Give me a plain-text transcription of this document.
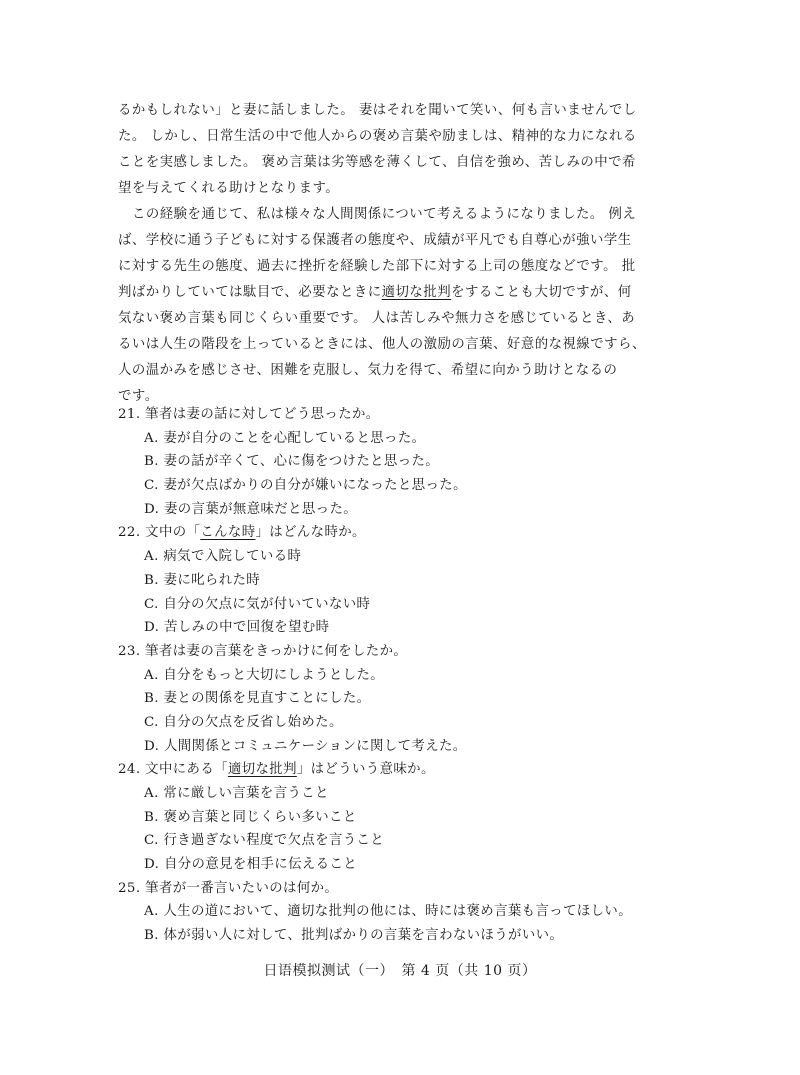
るかもしれない」と妻に話しました。 妻はそれを聞いて笑い、何も言いませんでし
た。 しかし、日常生活の中で他人からの褒め言葉や励ましは、精神的な力になれる
ことを実感しました。 褒め言葉は劣等感を薄くして、自信を強め、苦しみの中で希
望を与えてくれる助けとなります。
この経験を通じて、私は様々な人間関係について考えるようになりました。 例え
ば、学校に通う子どもに対する保護者の態度や、成績が平凡でも自尊心が強い学生
に対する先生の態度、過去に挫折を経験した部下に対する上司の態度などです。 批
判ばかりしていては駄目で、必要なときに適切な批判をすることも大切ですが、何
気ない褒め言葉も同じくらい重要です。 人は苦しみや無力さを感じているとき、あ
るいは人生の階段を上っているときには、他人の激励の言葉、好意的な視線ですら、
人の温かみを感じさせ、困難を克服し、気力を得て、希望に向かう助けとなるの
です。
21. 筆者は妻の話に対してどう思ったか。
A. 妻が自分のことを心配していると思った。
B. 妻の話が辛くて、心に傷をつけたと思った。
C. 妻が欠点ばかりの自分が嫌いになったと思った。
D. 妻の言葉が無意味だと思った。
22. 文中の「こんな時」はどんな時か。
A. 病気で入院している時
B. 妻に叱られた時
C. 自分の欠点に気が付いていない時
D. 苦しみの中で回復を望む時
23. 筆者は妻の言葉をきっかけに何をしたか。
A. 自分をもっと大切にしようとした。
B. 妻との関係を見直すことにした。
C. 自分の欠点を反省し始めた。
D. 人間関係とコミュニケーションに関して考えた。
24. 文中にある「適切な批判」はどういう意味か。
A. 常に厳しい言葉を言うこと
B. 褒め言葉と同じくらい多いこと
C. 行き過ぎない程度で欠点を言うこと
D. 自分の意見を相手に伝えること
25. 筆者が一番言いたいのは何か。
A. 人生の道において、適切な批判の他には、時には褒め言葉も言ってほしい。
B. 体が弱い人に対して、批判ばかりの言葉を言わないほうがいい。
日语模拟测试（一）　第 4 页（共 10 页）
